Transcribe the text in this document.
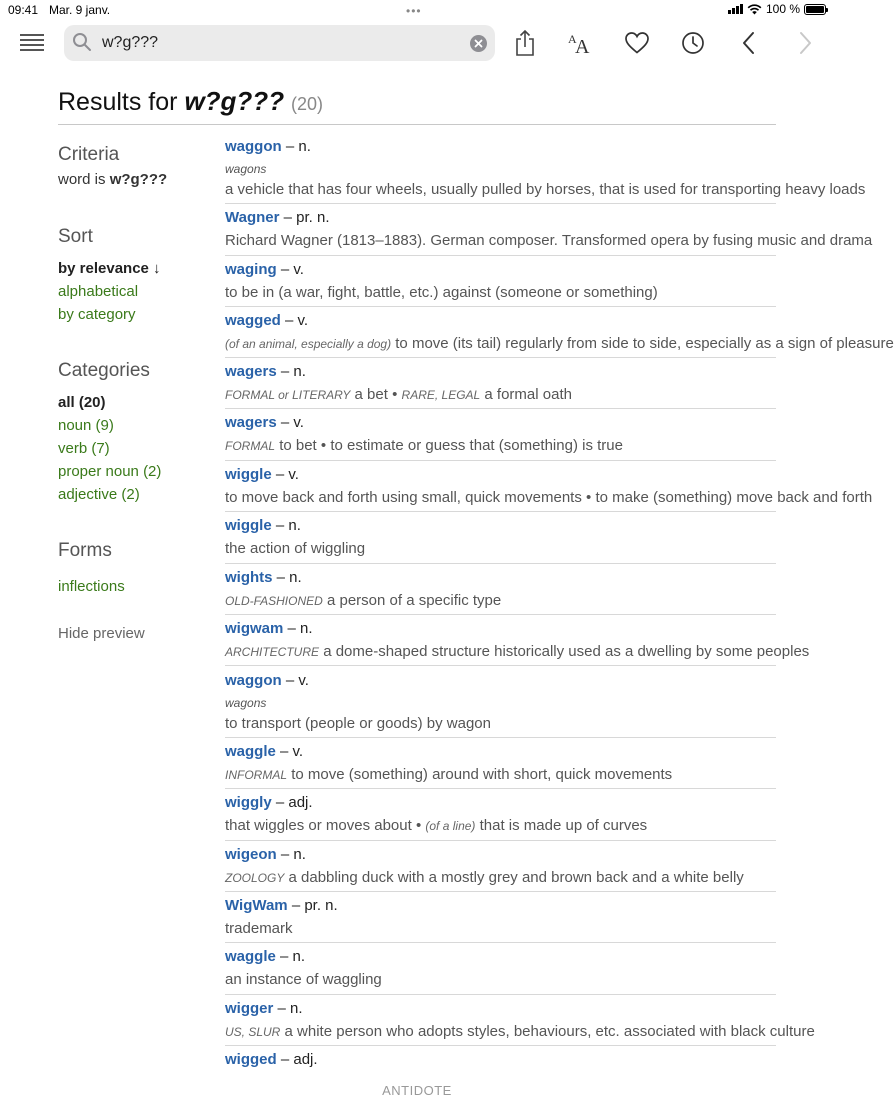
09:41 Mar. 9 janv.	•••	100 %
w?g???
A
A
Results for w?g??? (20)
Criteria
word is w?g???
Sort
by relevance ↓
alphabetical
by category
Categories
all (20)
noun (9)
verb (7)
proper noun (2)
adjective (2)
Forms
inflections
Hide preview
waggon – n.
wagons
a vehicle that has four wheels, usually pulled by horses, that is used for transporting heavy loads
Wagner – pr. n.
Richard Wagner (1813–1883). German composer. Transformed opera by fusing music and drama
waging – v.
to be in (a war, fight, battle, etc.) against (someone or something)
wagged – v.
(of an animal, especially a dog) to move (its tail) regularly from side to side, especially as a sign of pleasure
wagers – n.
FORMAL or LITERARY a bet • RARE, LEGAL a formal oath
wagers – v.
FORMAL to bet • to estimate or guess that (something) is true
wiggle – v.
to move back and forth using small, quick movements • to make (something) move back and forth
wiggle – n.
the action of wiggling
wights – n.
OLD-FASHIONED a person of a specific type
wigwam – n.
ARCHITECTURE a dome-shaped structure historically used as a dwelling by some peoples
waggon – v.
wagons
to transport (people or goods) by wagon
waggle – v.
INFORMAL to move (something) around with short, quick movements
wiggly – adj.
that wiggles or moves about • (of a line) that is made up of curves
wigeon – n.
ZOOLOGY a dabbling duck with a mostly grey and brown back and a white belly
WigWam – pr. n.
trademark
waggle – n.
an instance of waggling
wigger – n.
US, SLUR a white person who adopts styles, behaviours, etc. associated with black culture
wigged – adj.
ANTIDOTE
